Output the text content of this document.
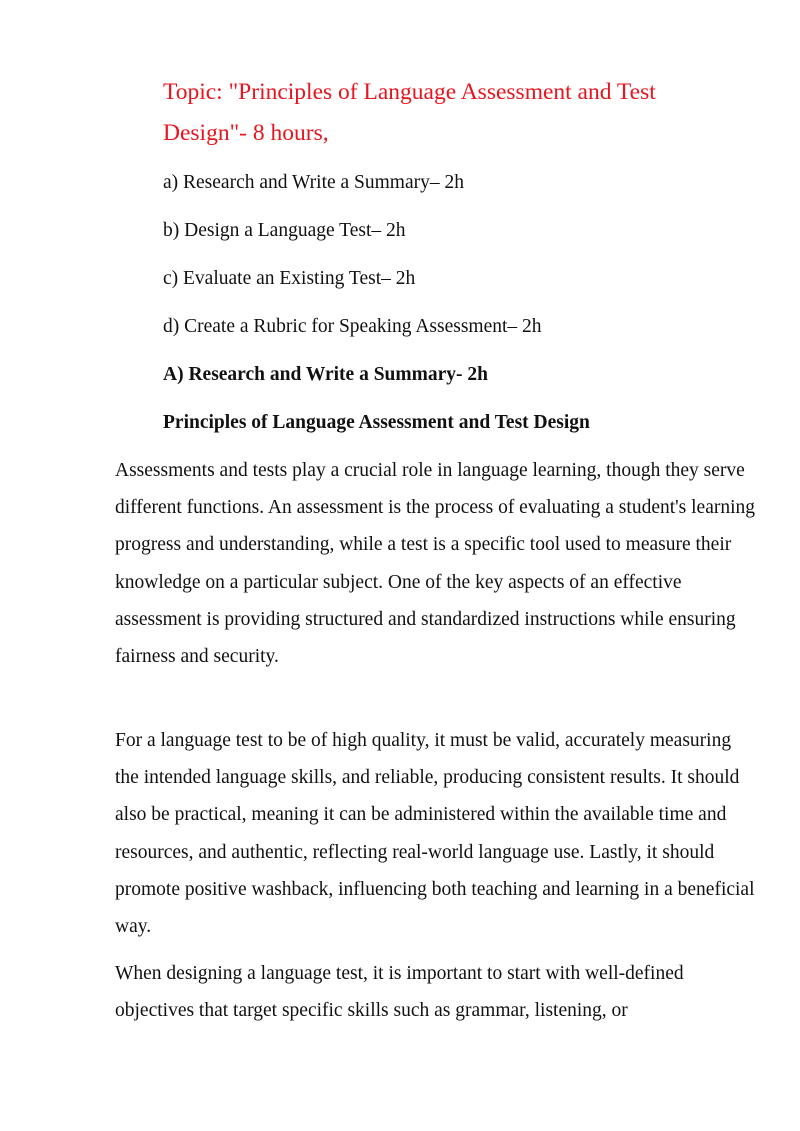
Topic: "Principles of Language Assessment and Test Design"- 8 hours,

a) Research and Write a Summary– 2h

b) Design a Language Test– 2h

c) Evaluate an Existing Test– 2h

d) Create a Rubric for Speaking Assessment– 2h

A) Research and Write a Summary- 2h

Principles of Language Assessment and Test Design

Assessments and tests play a crucial role in language learning, though they serve different functions. An assessment is the process of evaluating a student's learning progress and understanding, while a test is a specific tool used to measure their knowledge on a particular subject. One of the key aspects of an effective assessment is providing structured and standardized instructions while ensuring fairness and security.

For a language test to be of high quality, it must be valid, accurately measuring the intended language skills, and reliable, producing consistent results. It should also be practical, meaning it can be administered within the available time and resources, and authentic, reflecting real-world language use. Lastly, it should promote positive washback, influencing both teaching and learning in a beneficial way.

When designing a language test, it is important to start with well-defined objectives that target specific skills such as grammar, listening, or
